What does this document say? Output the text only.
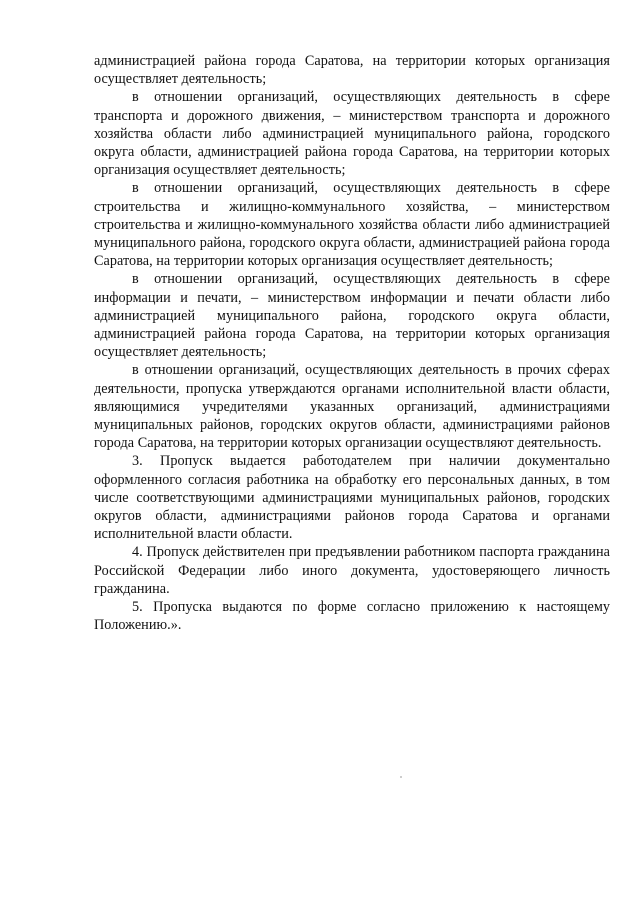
администрацией района города Саратова, на территории которых организация осуществляет деятельность;

в отношении организаций, осуществляющих деятельность в сфере транспорта и дорожного движения, – министерством транспорта и дорожного хозяйства области либо администрацией муниципального района, городского округа области, администрацией района города Саратова, на территории которых организация осуществляет деятельность;

в отношении организаций, осуществляющих деятельность в сфере строительства и жилищно-коммунального хозяйства, – министерством строительства и жилищно-коммунального хозяйства области либо администрацией муниципального района, городского округа области, администрацией района города Саратова, на территории которых организация осуществляет деятельность;

в отношении организаций, осуществляющих деятельность в сфере информации и печати, – министерством информации и печати области либо администрацией муниципального района, городского округа области, администрацией района города Саратова, на территории которых организация осуществляет деятельность;

в отношении организаций, осуществляющих деятельность в прочих сферах деятельности, пропуска утверждаются органами исполнительной власти области, являющимися учредителями указанных организаций, администрациями муниципальных районов, городских округов области, администрациями районов города Саратова, на территории которых организации осуществляют деятельность.

3. Пропуск выдается работодателем при наличии документально оформленного согласия работника на обработку его персональных данных, в том числе соответствующими администрациями муниципальных районов, городских округов области, администрациями районов города Саратова и органами исполнительной власти области.

4. Пропуск действителен при предъявлении работником паспорта гражданина Российской Федерации либо иного документа, удостоверяющего личность гражданина.

5. Пропуска выдаются по форме согласно приложению к настоящему Положению.».
